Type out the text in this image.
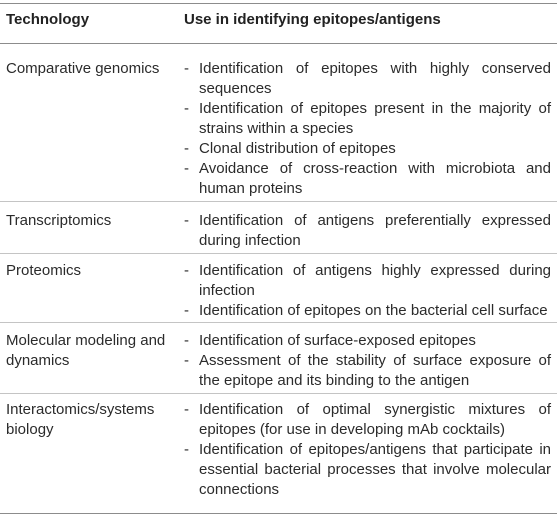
Technology	Use in identifying epitopes/antigens
Comparative genomics	- Identification of epitopes with highly conserved sequences
- Identification of epitopes present in the majority of strains within a species
- Clonal distribution of epitopes
- Avoidance of cross-reaction with microbiota and human proteins
Transcriptomics	- Identification of antigens preferentially expressed during infection
Proteomics	- Identification of antigens highly expressed during infection
- Identification of epitopes on the bacterial cell surface
Molecular modeling and dynamics
- Identification of surface-exposed epitopes
- Assessment of the stability of surface exposure of the epitope and its binding to the antigen
Interactomics/systems biology
- Identification of optimal synergistic mixtures of epitopes (for use in developing mAb cocktails)
- Identification of epitopes/antigens that participate in essential bacterial processes that involve molecular connections
